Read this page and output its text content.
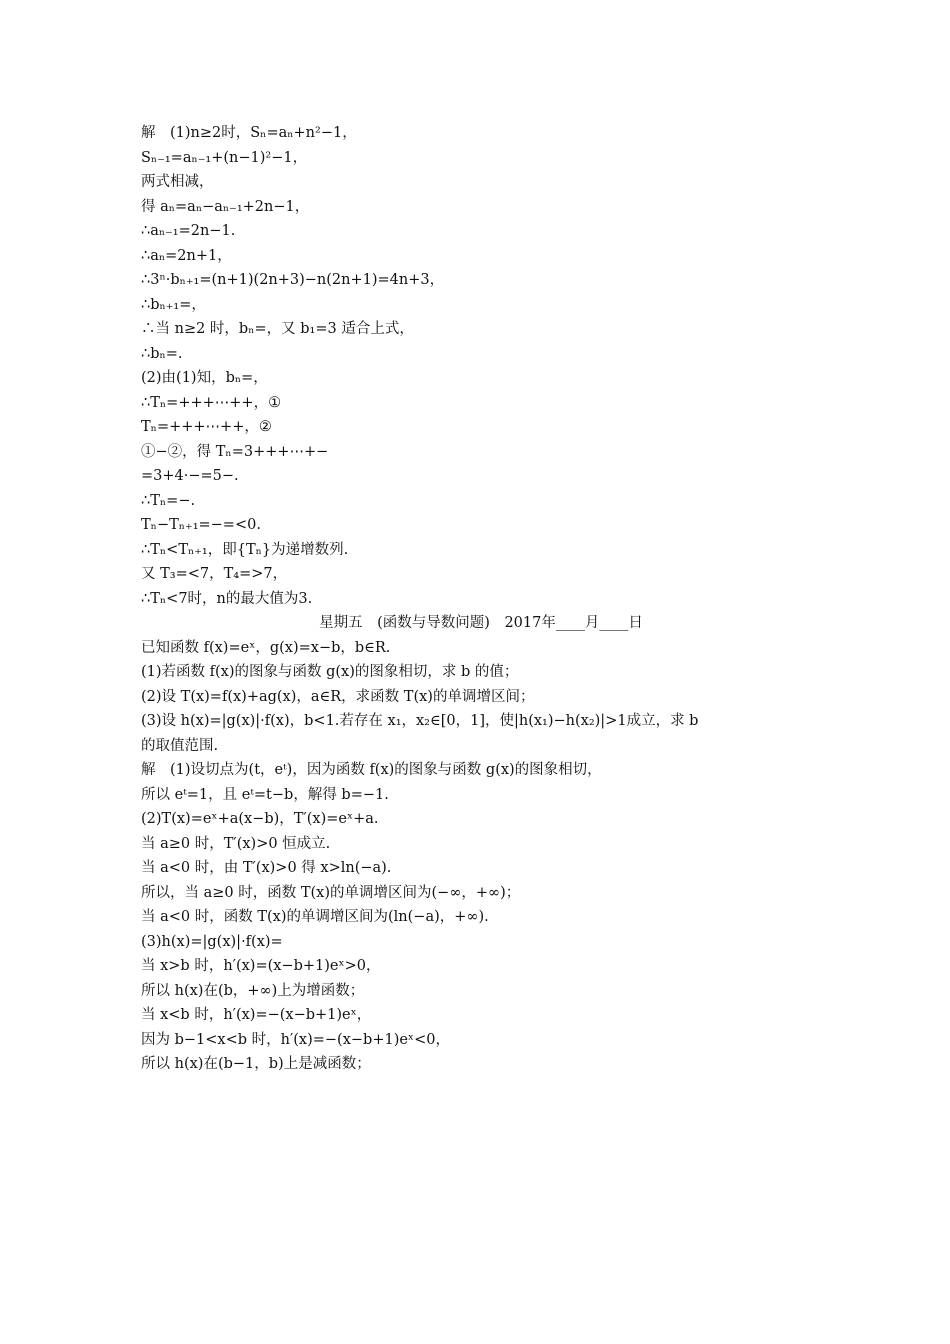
解　(1)n≥2时，Sₙ=aₙ+n²−1，
Sₙ₋₁=aₙ₋₁+(n−1)²−1，
两式相减，
得 aₙ=aₙ−aₙ₋₁+2n−1，
∴aₙ₋₁=2n−1.
∴aₙ=2n+1，
∴3ⁿ·bₙ₊₁=(n+1)(2n+3)−n(2n+1)=4n+3，
∴bₙ₊₁=，
∴当 n≥2 时，bₙ=，又 b₁=3 适合上式，
∴bₙ=.
(2)由(1)知，bₙ=，
∴Tₙ=+++⋯++，①
Tₙ=+++⋯++，②
①−②，得 Tₙ=3+++⋯+−
=3+4·−=5−.
∴Tₙ=−.
Tₙ−Tₙ₊₁=−=<0.
∴Tₙ<Tₙ₊₁，即{Tₙ}为递增数列.
又 T₃=<7，T₄=>7，
∴Tₙ<7时，n的最大值为3.
星期五　(函数与导数问题)　2017年____月____日
已知函数 f(x)=eˣ，g(x)=x−b，b∈R.
(1)若函数 f(x)的图象与函数 g(x)的图象相切，求 b 的值；
(2)设 T(x)=f(x)+ag(x)，a∈R，求函数 T(x)的单调增区间；
(3)设 h(x)=|g(x)|·f(x)，b<1.若存在 x₁，x₂∈[0，1]，使|h(x₁)−h(x₂)|>1成立，求 b
的取值范围.
解　(1)设切点为(t，eᵗ)，因为函数 f(x)的图象与函数 g(x)的图象相切，
所以 eᵗ=1，且 eᵗ=t−b，解得 b=−1.
(2)T(x)=eˣ+a(x−b)，T′(x)=eˣ+a.
当 a≥0 时，T′(x)>0 恒成立.
当 a<0 时，由 T′(x)>0 得 x>ln(−a).
所以，当 a≥0 时，函数 T(x)的单调增区间为(−∞，+∞)；
当 a<0 时，函数 T(x)的单调增区间为(ln(−a)，+∞).
(3)h(x)=|g(x)|·f(x)=
当 x>b 时，h′(x)=(x−b+1)eˣ>0，
所以 h(x)在(b，+∞)上为增函数；
当 x<b 时，h′(x)=−(x−b+1)eˣ，
因为 b−1<x<b 时，h′(x)=−(x−b+1)eˣ<0，
所以 h(x)在(b−1，b)上是减函数；
